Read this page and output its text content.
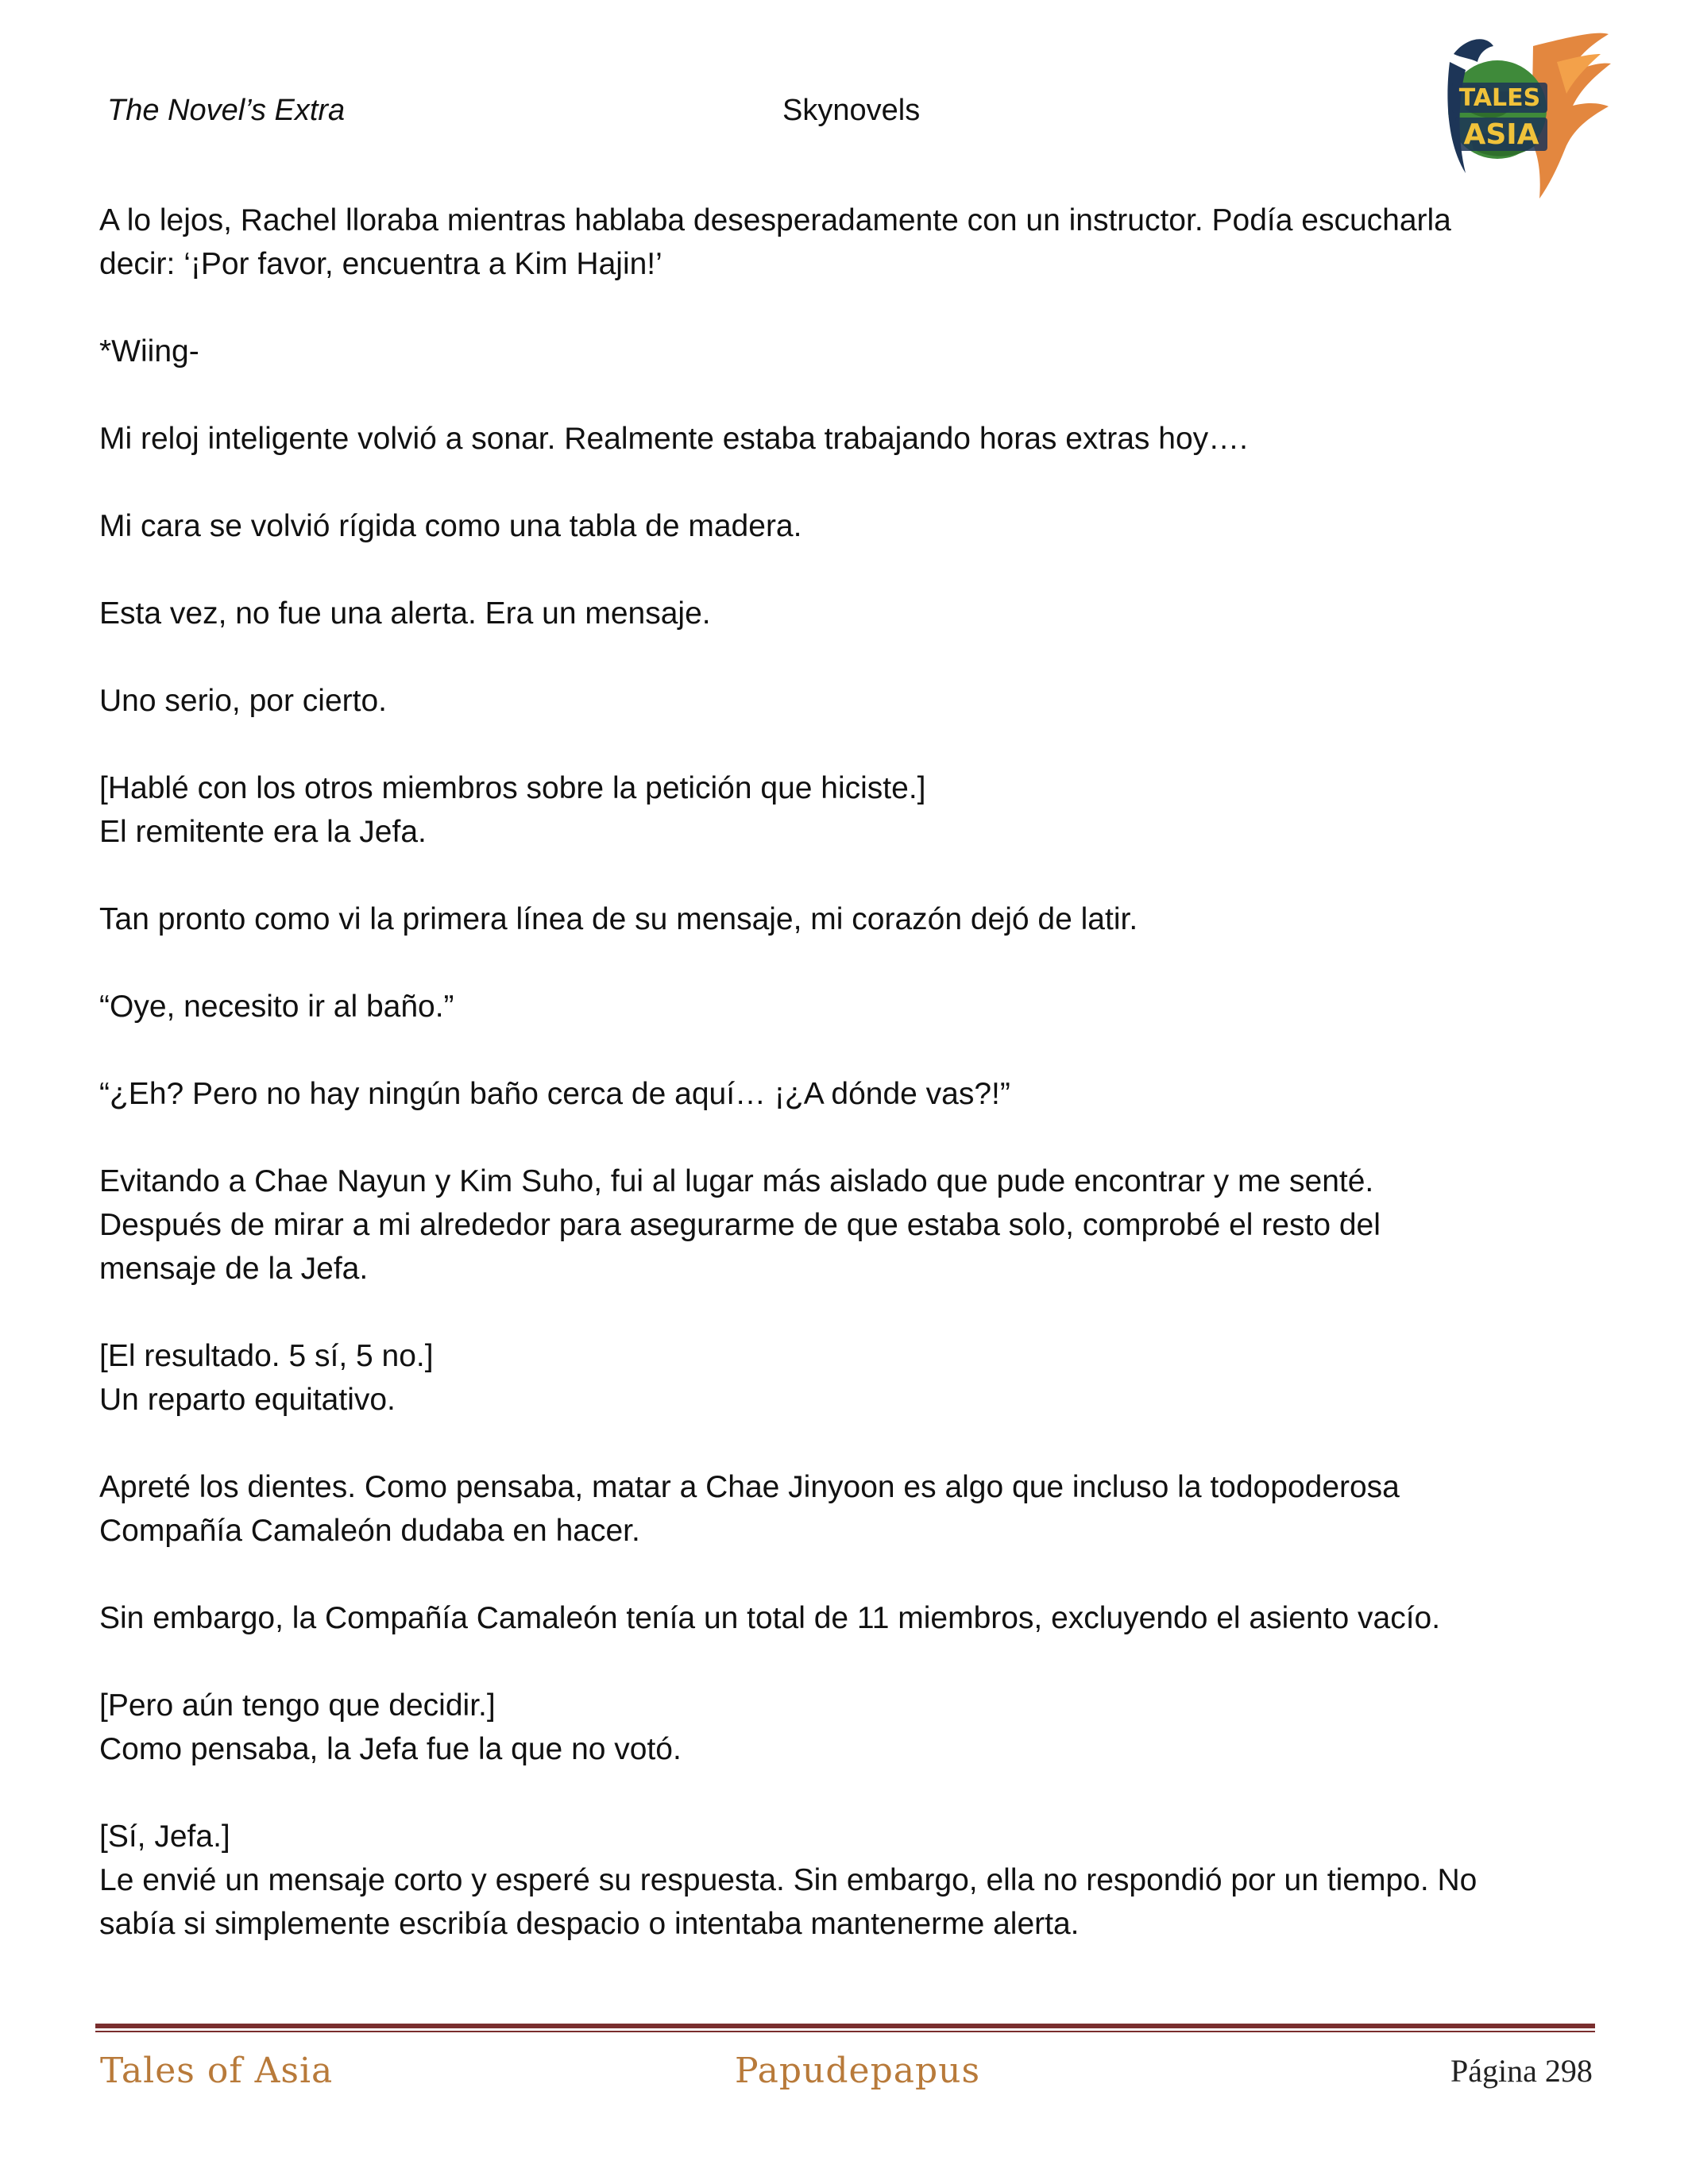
The Novel’s Extra	Skynovels	TALES
ASIA

A lo lejos, Rachel lloraba mientras hablaba desesperadamente con un instructor. Podía escucharla
decir: ‘¡Por favor, encuentra a Kim Hajin!’

*Wiing-

Mi reloj inteligente volvió a sonar. Realmente estaba trabajando horas extras hoy….

Mi cara se volvió rígida como una tabla de madera.

Esta vez, no fue una alerta. Era un mensaje.

Uno serio, por cierto.

[Hablé con los otros miembros sobre la petición que hiciste.]
El remitente era la Jefa.

Tan pronto como vi la primera línea de su mensaje, mi corazón dejó de latir.

“Oye, necesito ir al baño.”

“¿Eh? Pero no hay ningún baño cerca de aquí… ¡¿A dónde vas?!”

Evitando a Chae Nayun y Kim Suho, fui al lugar más aislado que pude encontrar y me senté.
Después de mirar a mi alrededor para asegurarme de que estaba solo, comprobé el resto del
mensaje de la Jefa.

[El resultado. 5 sí, 5 no.]
Un reparto equitativo.

Apreté los dientes. Como pensaba, matar a Chae Jinyoon es algo que incluso la todopoderosa
Compañía Camaleón dudaba en hacer.

Sin embargo, la Compañía Camaleón tenía un total de 11 miembros, excluyendo el asiento vacío.

[Pero aún tengo que decidir.]
Como pensaba, la Jefa fue la que no votó.

[Sí, Jefa.]
Le envié un mensaje corto y esperé su respuesta. Sin embargo, ella no respondió por un tiempo. No
sabía si simplemente escribía despacio o intentaba mantenerme alerta.

Tales of Asia	Papudepapus	Página 298
